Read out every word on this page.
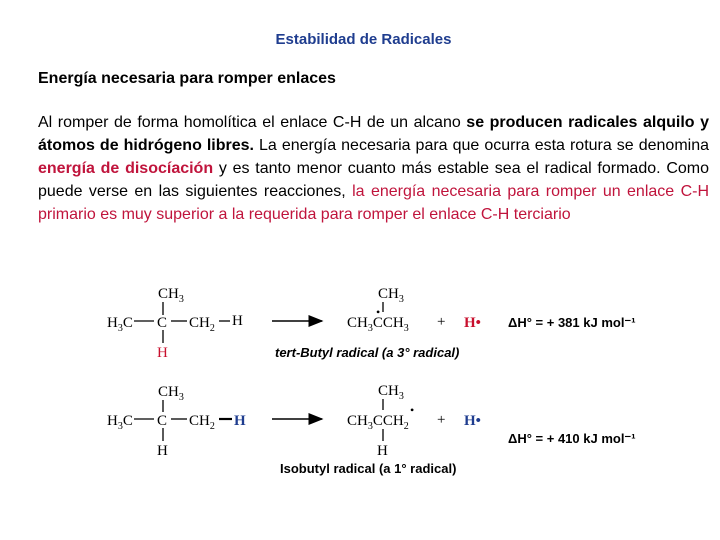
Estabilidad de Radicales
Energía necesaria para romper enlaces
Al romper de forma homolítica el enlace C-H de un alcano se producen radicales alquilo y átomos de hidrógeno libres. La energía necesaria para que ocurra esta rotura se denomina energía de disocíación y es tanto menor cuanto más estable sea el radical formado. Como puede verse en las siguientes reacciones, la energía necesaria para romper un enlace C-H primario es muy superior a la requerida para romper el enlace C-H terciario
$CH_3$
$H_3C$ C $CH_2$ H
H
$CH_3$
$CH_3CCH_3$
•
+ H•
tert-Butyl radical (a 3° radical)
ΔH° = + 381 kJ mol⁻¹
$CH_3$
$H_3C$ C $CH_2$ H
H
$CH_3$
$CH_3CCH_2$
•
H
+ H•
Isobutyl radical (a 1° radical)
ΔH° = + 410 kJ mol⁻¹
